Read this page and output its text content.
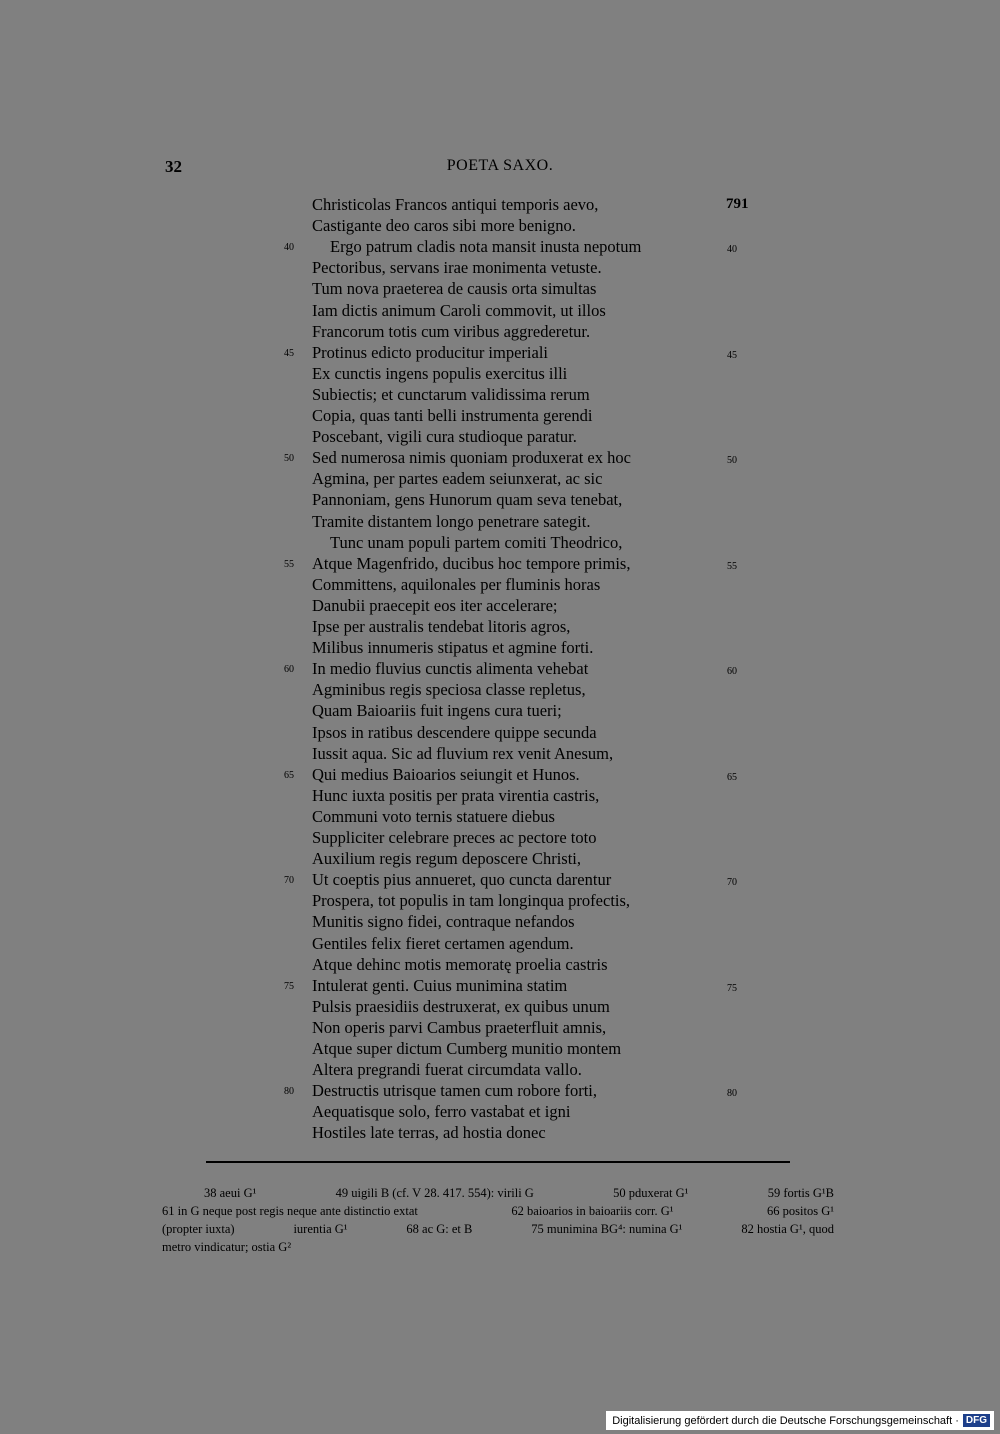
32	POETA SAXO.
791
Christicolas Francos antiqui temporis aevo,
Castigante deo caros sibi more benigno.
Ergo patrum cladis nota mansit inusta nepotum
Pectoribus, servans irae monimenta vetuste.
Tum nova praeterea de causis orta simultas
Iam dictis animum Caroli commovit, ut illos
Francorum totis cum viribus aggrederetur.
Protinus edicto producitur imperiali
Ex cunctis ingens populis exercitus illi
Subiectis; et cunctarum validissima rerum
Copia, quas tanti belli instrumenta gerendi
Poscebant, vigili cura studioque paratur.
Sed numerosa nimis quoniam produxerat ex hoc
Agmina, per partes eadem seiunxerat, ac sic
Pannoniam, gens Hunorum quam seva tenebat,
Tramite distantem longo penetrare sategit.
Tunc unam populi partem comiti Theodrico,
Atque Magenfrido, ducibus hoc tempore primis,
Committens, aquilonales per fluminis horas
Danubii praecepit eos iter accelerare;
Ipse per australis tendebat litoris agros,
Milibus innumeris stipatus et agmine forti.
In medio fluvius cunctis alimenta vehebat
Agminibus regis speciosa classe repletus,
Quam Baioariis fuit ingens cura tueri;
Ipsos in ratibus descendere quippe secunda
Iussit aqua. Sic ad fluvium rex venit Anesum,
Qui medius Baioarios seiungit et Hunos.
Hunc iuxta positis per prata virentia castris,
Communi voto ternis statuere diebus
Suppliciter celebrare preces ac pectore toto
Auxilium regis regum deposcere Christi,
Ut coeptis pius annueret, quo cuncta darentur
Prospera, tot populis in tam longinqua profectis,
Munitis signo fidei, contraque nefandos
Gentiles felix fieret certamen agendum.
Atque dehinc motis memoratę proelia castris
Intulerat genti. Cuius munimina statim
Pulsis praesidiis destruxerat, ex quibus unum
Non operis parvi Cambus praeterfluit amnis,
Atque super dictum Cumberg munitio montem
Altera pregrandi fuerat circumdata vallo.
Destructis utrisque tamen cum robore forti,
Aequatisque solo, ferro vastabat et igni
Hostiles late terras, ad hostia donec
40	40
45	45
50	50
55	55
60	60
65	65
70	70
75	75
80	80
38 aeui G¹	49 uigili B (cf. V 28. 417. 554): virili G	50 pduxerat G¹	59 fortis G¹B
61 in G neque post regis neque ante distinctio extat	62 baioarios in baioariis corr. G¹	66 positos G¹
(propter iuxta)	iurentia G¹	68 ac G: et B	75 munimina BG⁴: numina G¹	82 hostia G¹, quod
metro vindicatur; ostia G²
Digitalisierung gefördert durch die Deutsche Forschungsgemeinschaft · DFG
